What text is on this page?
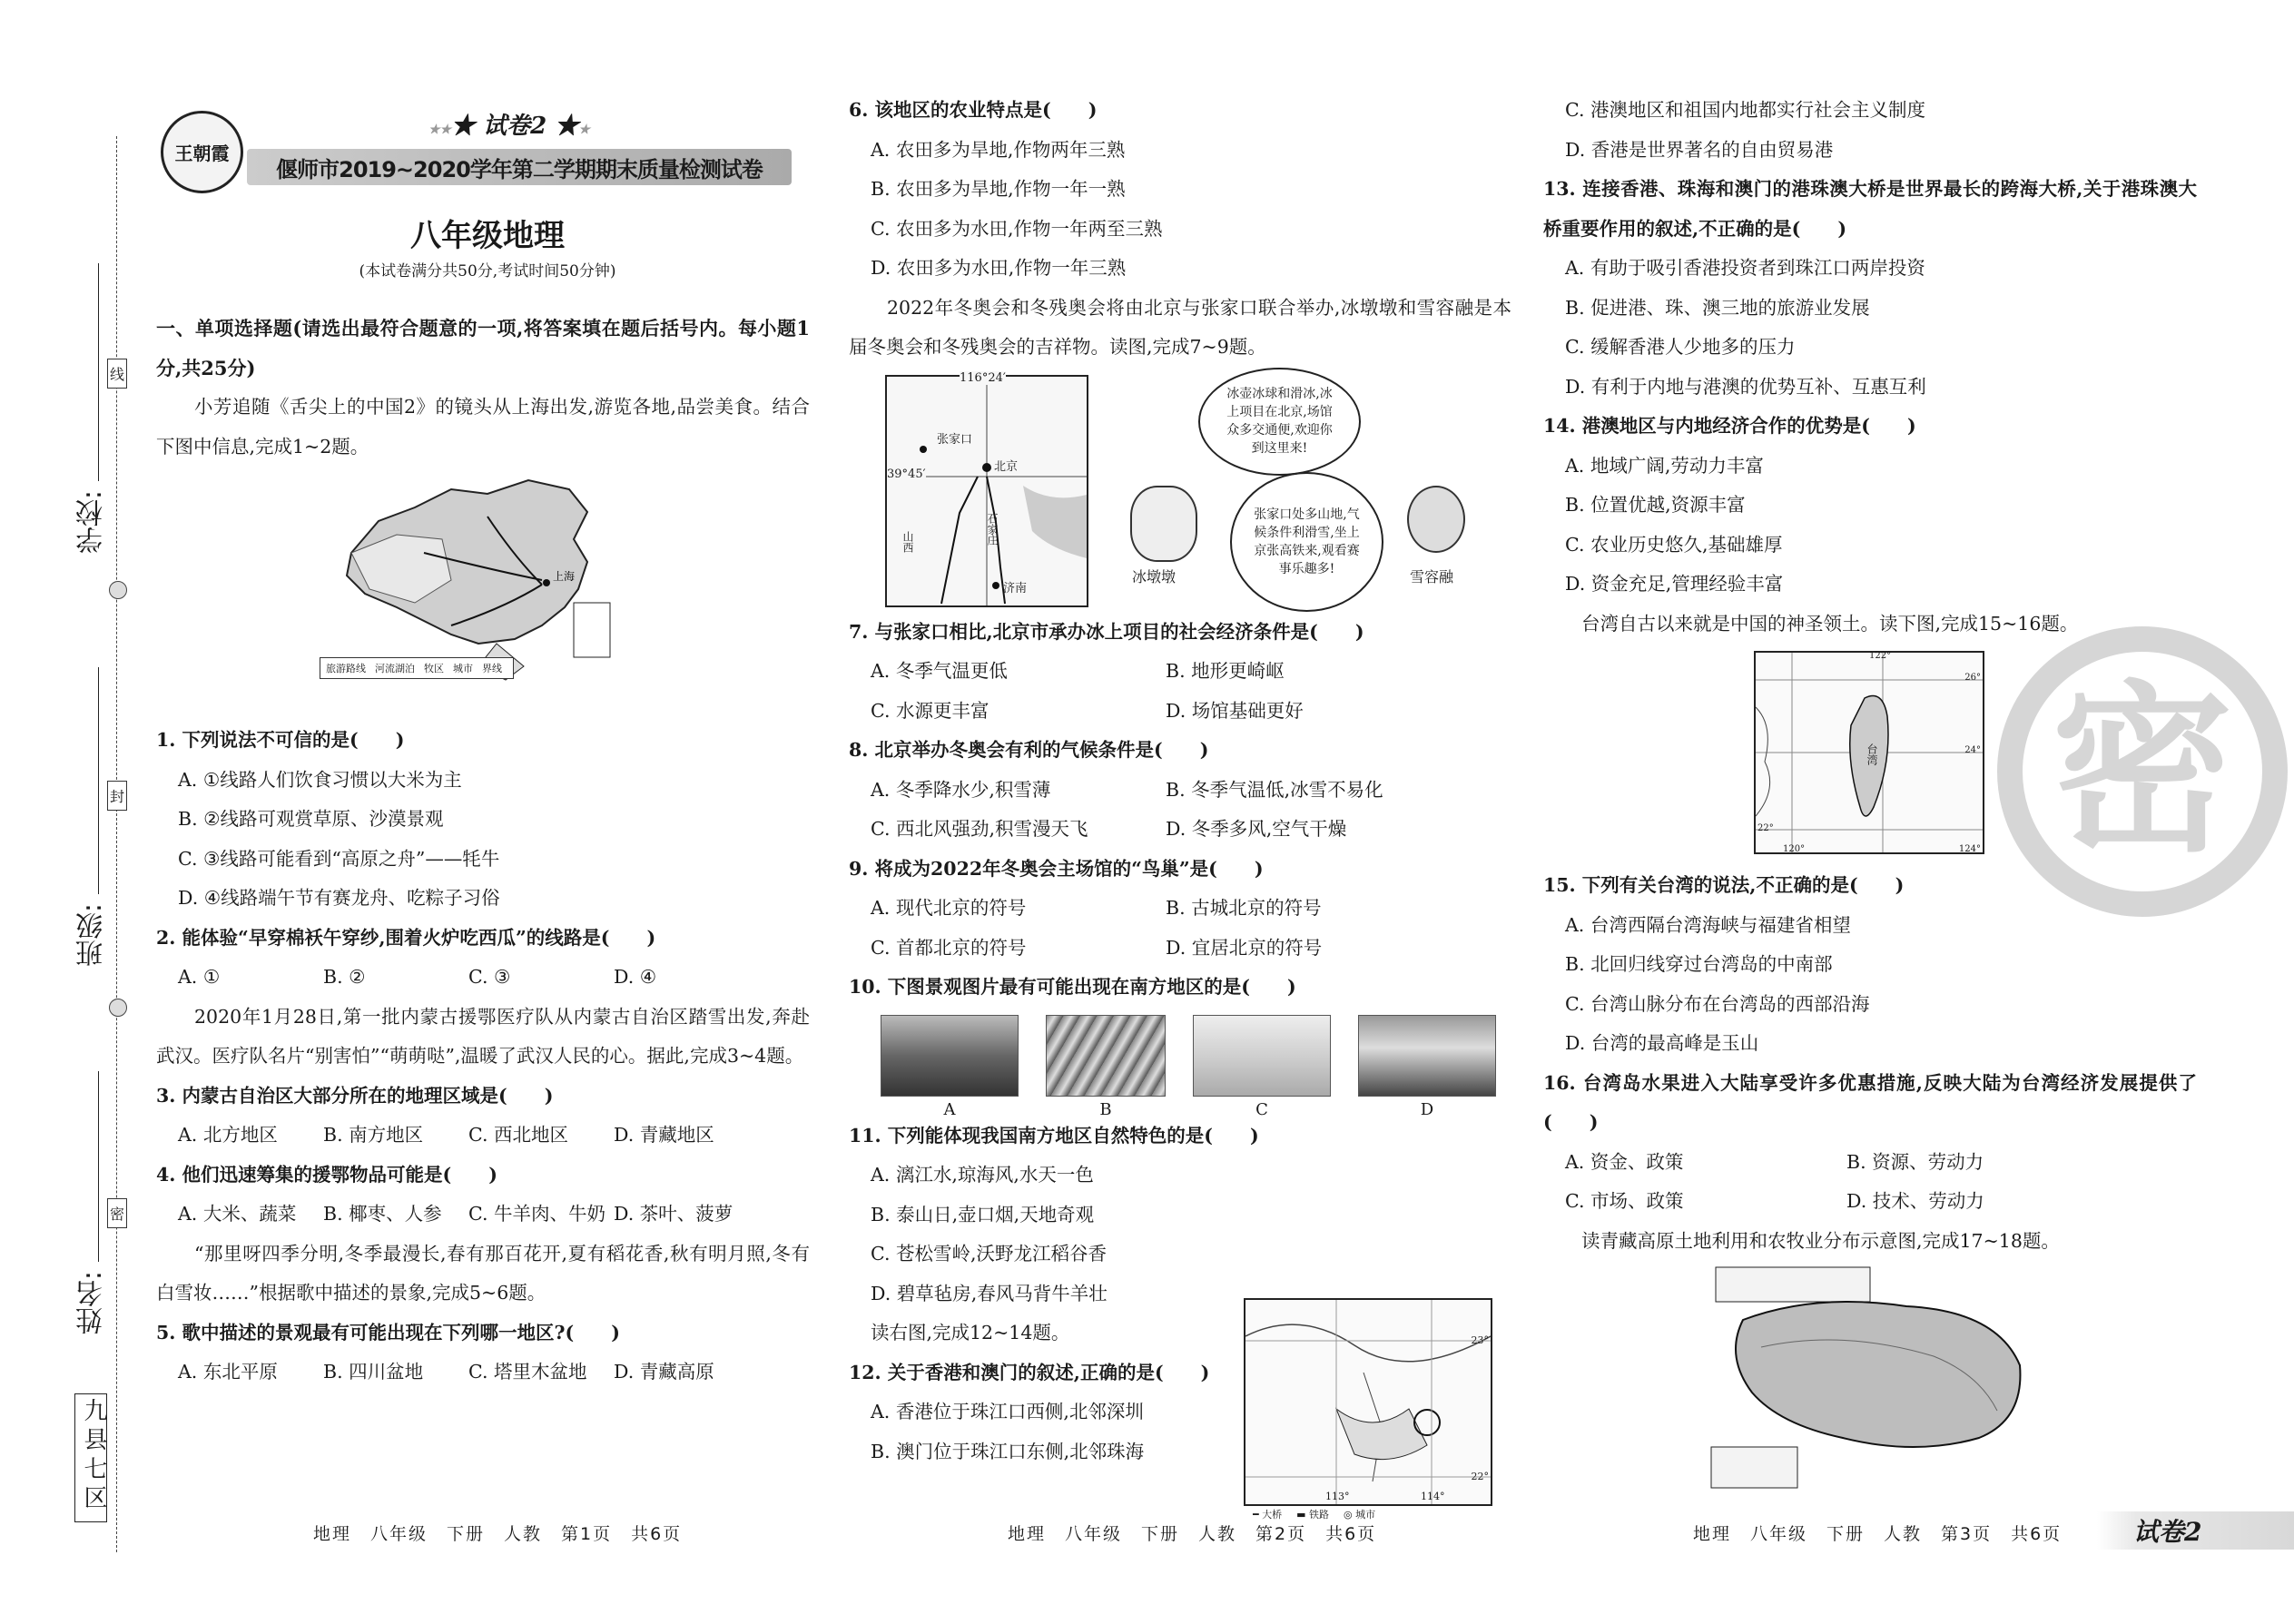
线
封
密
学校:
班级:
姓名:
九县七区
王朝霞
★★★ 试卷2 ★★
偃师市2019~2020学年第二学期期末质量检测试卷
八年级地理
(本试卷满分共50分,考试时间50分钟)
一、单项选择题(请选出最符合题意的一项,将答案填在题后括号内。每小题1分,共25分)
小芳追随《舌尖上的中国2》的镜头从上海出发,游览各地,品尝美食。结合下图中信息,完成1~2题。
上海
旅游路线 河流湖泊 牧区 城市 界线
1. 下列说法不可信的是(　　)
A. ①线路人们饮食习惯以大米为主
B. ②线路可观赏草原、沙漠景观
C. ③线路可能看到“高原之舟”——牦牛
D. ④线路端午节有赛龙舟、吃粽子习俗
2. 能体验“早穿棉袄午穿纱,围着火炉吃西瓜”的线路是(　　)
A. ①	B. ②	C. ③	D. ④
2020年1月28日,第一批内蒙古援鄂医疗队从内蒙古自治区踏雪出发,奔赴武汉。医疗队名片“别害怕”“萌萌哒”,温暖了武汉人民的心。据此,完成3~4题。
3. 内蒙古自治区大部分所在的地理区域是(　　)
A. 北方地区	B. 南方地区	C. 西北地区	D. 青藏地区
4. 他们迅速筹集的援鄂物品可能是(　　)
A. 大米、蔬菜	B. 椰枣、人参	C. 牛羊肉、牛奶 D. 茶叶、菠萝
“那里呀四季分明,冬季最漫长,春有那百花开,夏有稻花香,秋有明月照,冬有白雪妆……”根据歌中描述的景象,完成5~6题。
5. 歌中描述的景观最有可能出现在下列哪一地区?(　　)
A. 东北平原	B. 四川盆地	C. 塔里木盆地	D. 青藏高原
地理　八年级　下册　人教　第1页　共6页
6. 该地区的农业特点是(　　)
A. 农田多为旱地,作物两年三熟
B. 农田多为旱地,作物一年一熟
C. 农田多为水田,作物一年两至三熟
D. 农田多为水田,作物一年三熟
2022年冬奥会和冬残奥会将由北京与张家口联合举办,冰墩墩和雪容融是本届冬奥会和冬残奥会的吉祥物。读图,完成7~9题。
116°24′
39°45′
张家口
北京
石家庄
济南
山西
冰壶冰球和滑冰,冰上项目在北京,场馆众多交通便,欢迎你到这里来!
张家口处多山地,气候条件利滑雪,坐上京张高铁来,观看赛事乐趣多!
冰墩墩	雪容融
7. 与张家口相比,北京市承办冰上项目的社会经济条件是(　　)
A. 冬季气温更低	B. 地形更崎岖
C. 水源更丰富	D. 场馆基础更好
8. 北京举办冬奥会有利的气候条件是(　　)
A. 冬季降水少,积雪薄	B. 冬季气温低,冰雪不易化
C. 西北风强劲,积雪漫天飞	D. 冬季多风,空气干燥
9. 将成为2022年冬奥会主场馆的“鸟巢”是(　　)
A. 现代北京的符号	B. 古城北京的符号
C. 首都北京的符号	D. 宜居北京的符号
10. 下图景观图片最有可能出现在南方地区的是(　　)
A	B	C	D
11. 下列能体现我国南方地区自然特色的是(　　)
A. 漓江水,琼海风,水天一色
B. 泰山日,壶口烟,天地奇观
C. 苍松雪岭,沃野龙江稻谷香
D. 碧草毡房,春风马背牛羊壮
读右图,完成12~14题。
12. 关于香港和澳门的叙述,正确的是(　　)
A. 香港位于珠江口西侧,北邻深圳
B. 澳门位于珠江口东侧,北邻珠海
23°
22°
113°	114°
━ 大桥 ▬ 铁路 ◎ 城市
地理　八年级　下册　人教　第2页　共6页
C. 港澳地区和祖国内地都实行社会主义制度
D. 香港是世界著名的自由贸易港
13. 连接香港、珠海和澳门的港珠澳大桥是世界最长的跨海大桥,关于港珠澳大桥重要作用的叙述,不正确的是(　　)
A. 有助于吸引香港投资者到珠江口两岸投资
B. 促进港、珠、澳三地的旅游业发展
C. 缓解香港人少地多的压力
D. 有利于内地与港澳的优势互补、互惠互利
14. 港澳地区与内地经济合作的优势是(　　)
A. 地域广阔,劳动力丰富
B. 位置优越,资源丰富
C. 农业历史悠久,基础雄厚
D. 资金充足,管理经验丰富
台湾自古以来就是中国的神圣领土。读下图,完成15~16题。
120°
122°
124°
26°
24°
22°
台湾
15. 下列有关台湾的说法,不正确的是(　　)
A. 台湾西隔台湾海峡与福建省相望
B. 北回归线穿过台湾岛的中南部
C. 台湾山脉分布在台湾岛的西部沿海
D. 台湾的最高峰是玉山
16. 台湾岛水果进入大陆享受许多优惠措施,反映大陆为台湾经济发展提供了(　　)
A. 资金、政策	B. 资源、劳动力
C. 市场、政策	D. 技术、劳动力
读青藏高原土地利用和农牧业分布示意图,完成17~18题。
地理　八年级　下册　人教　第3页　共6页
密
试卷2
